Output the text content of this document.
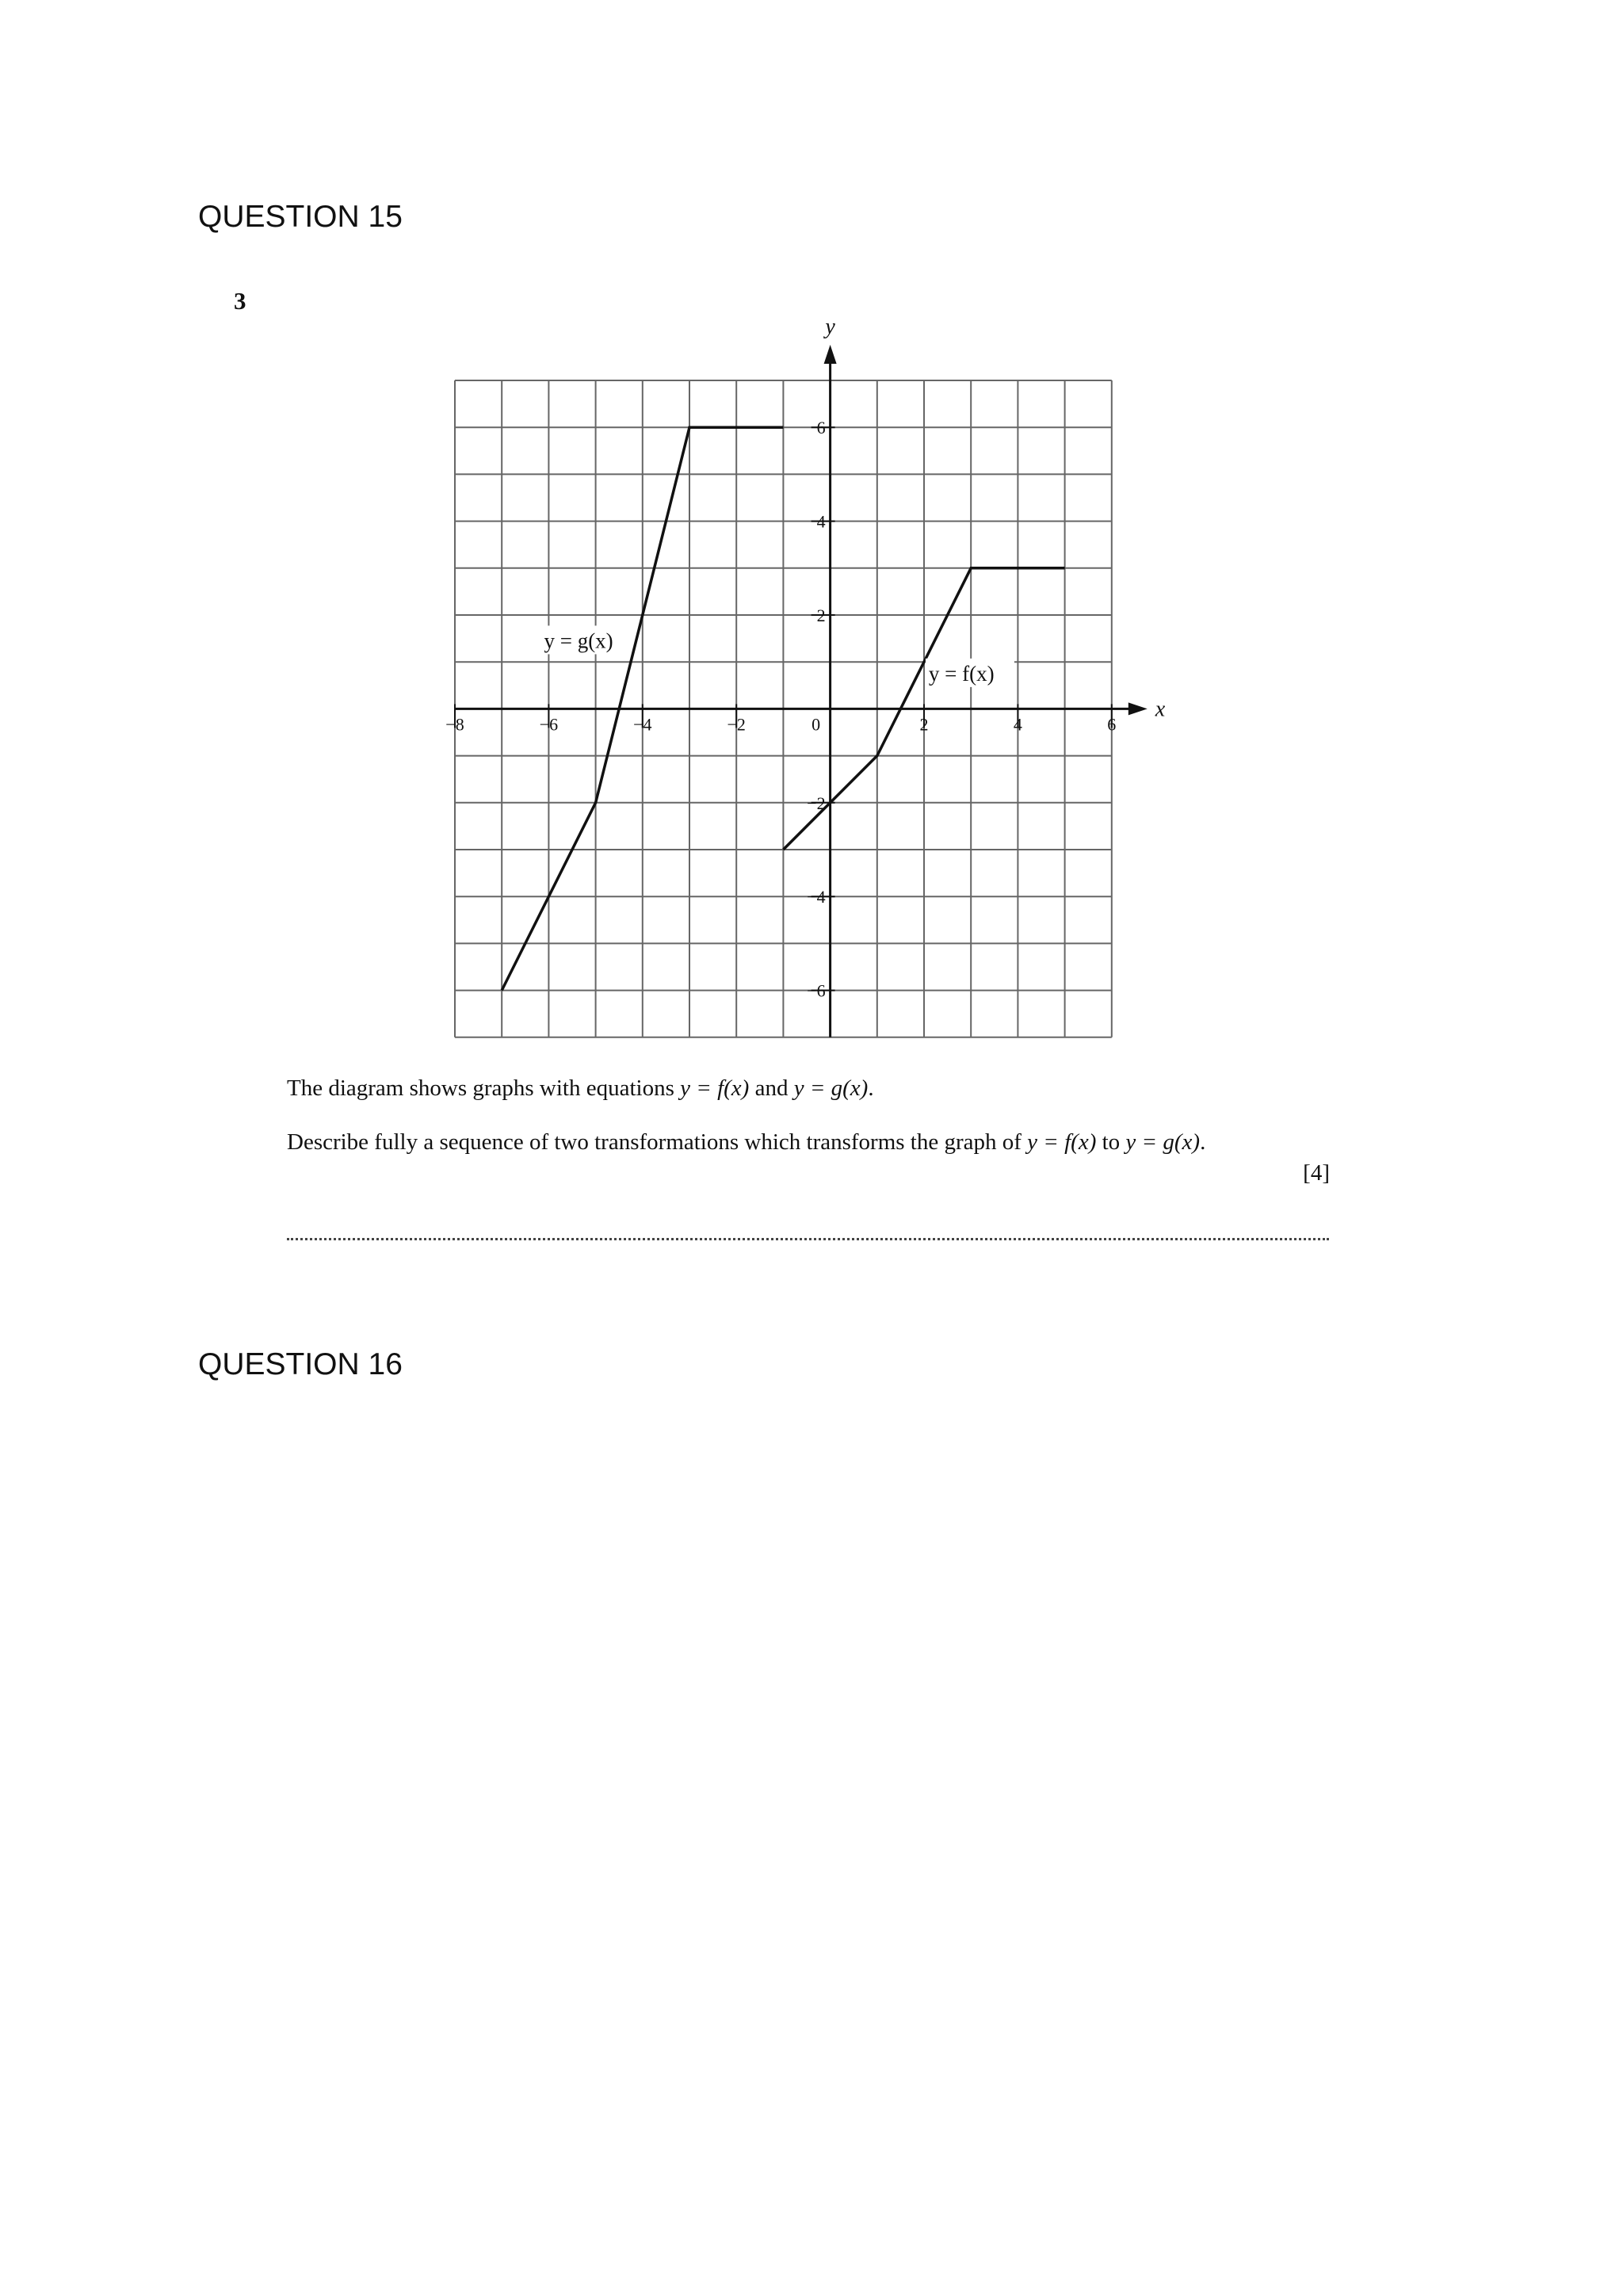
QUESTION 15
3
x
y
−8	−6	−4	−2	0	2	4	6
6
4
2
−2
−4
−6
y = f(x)
y = g(x)
The diagram shows graphs with equations y = f(x) and y = g(x).
Describe fully a sequence of two transformations which transforms the graph of y = f(x) to y = g(x).
[4]
QUESTION 16
